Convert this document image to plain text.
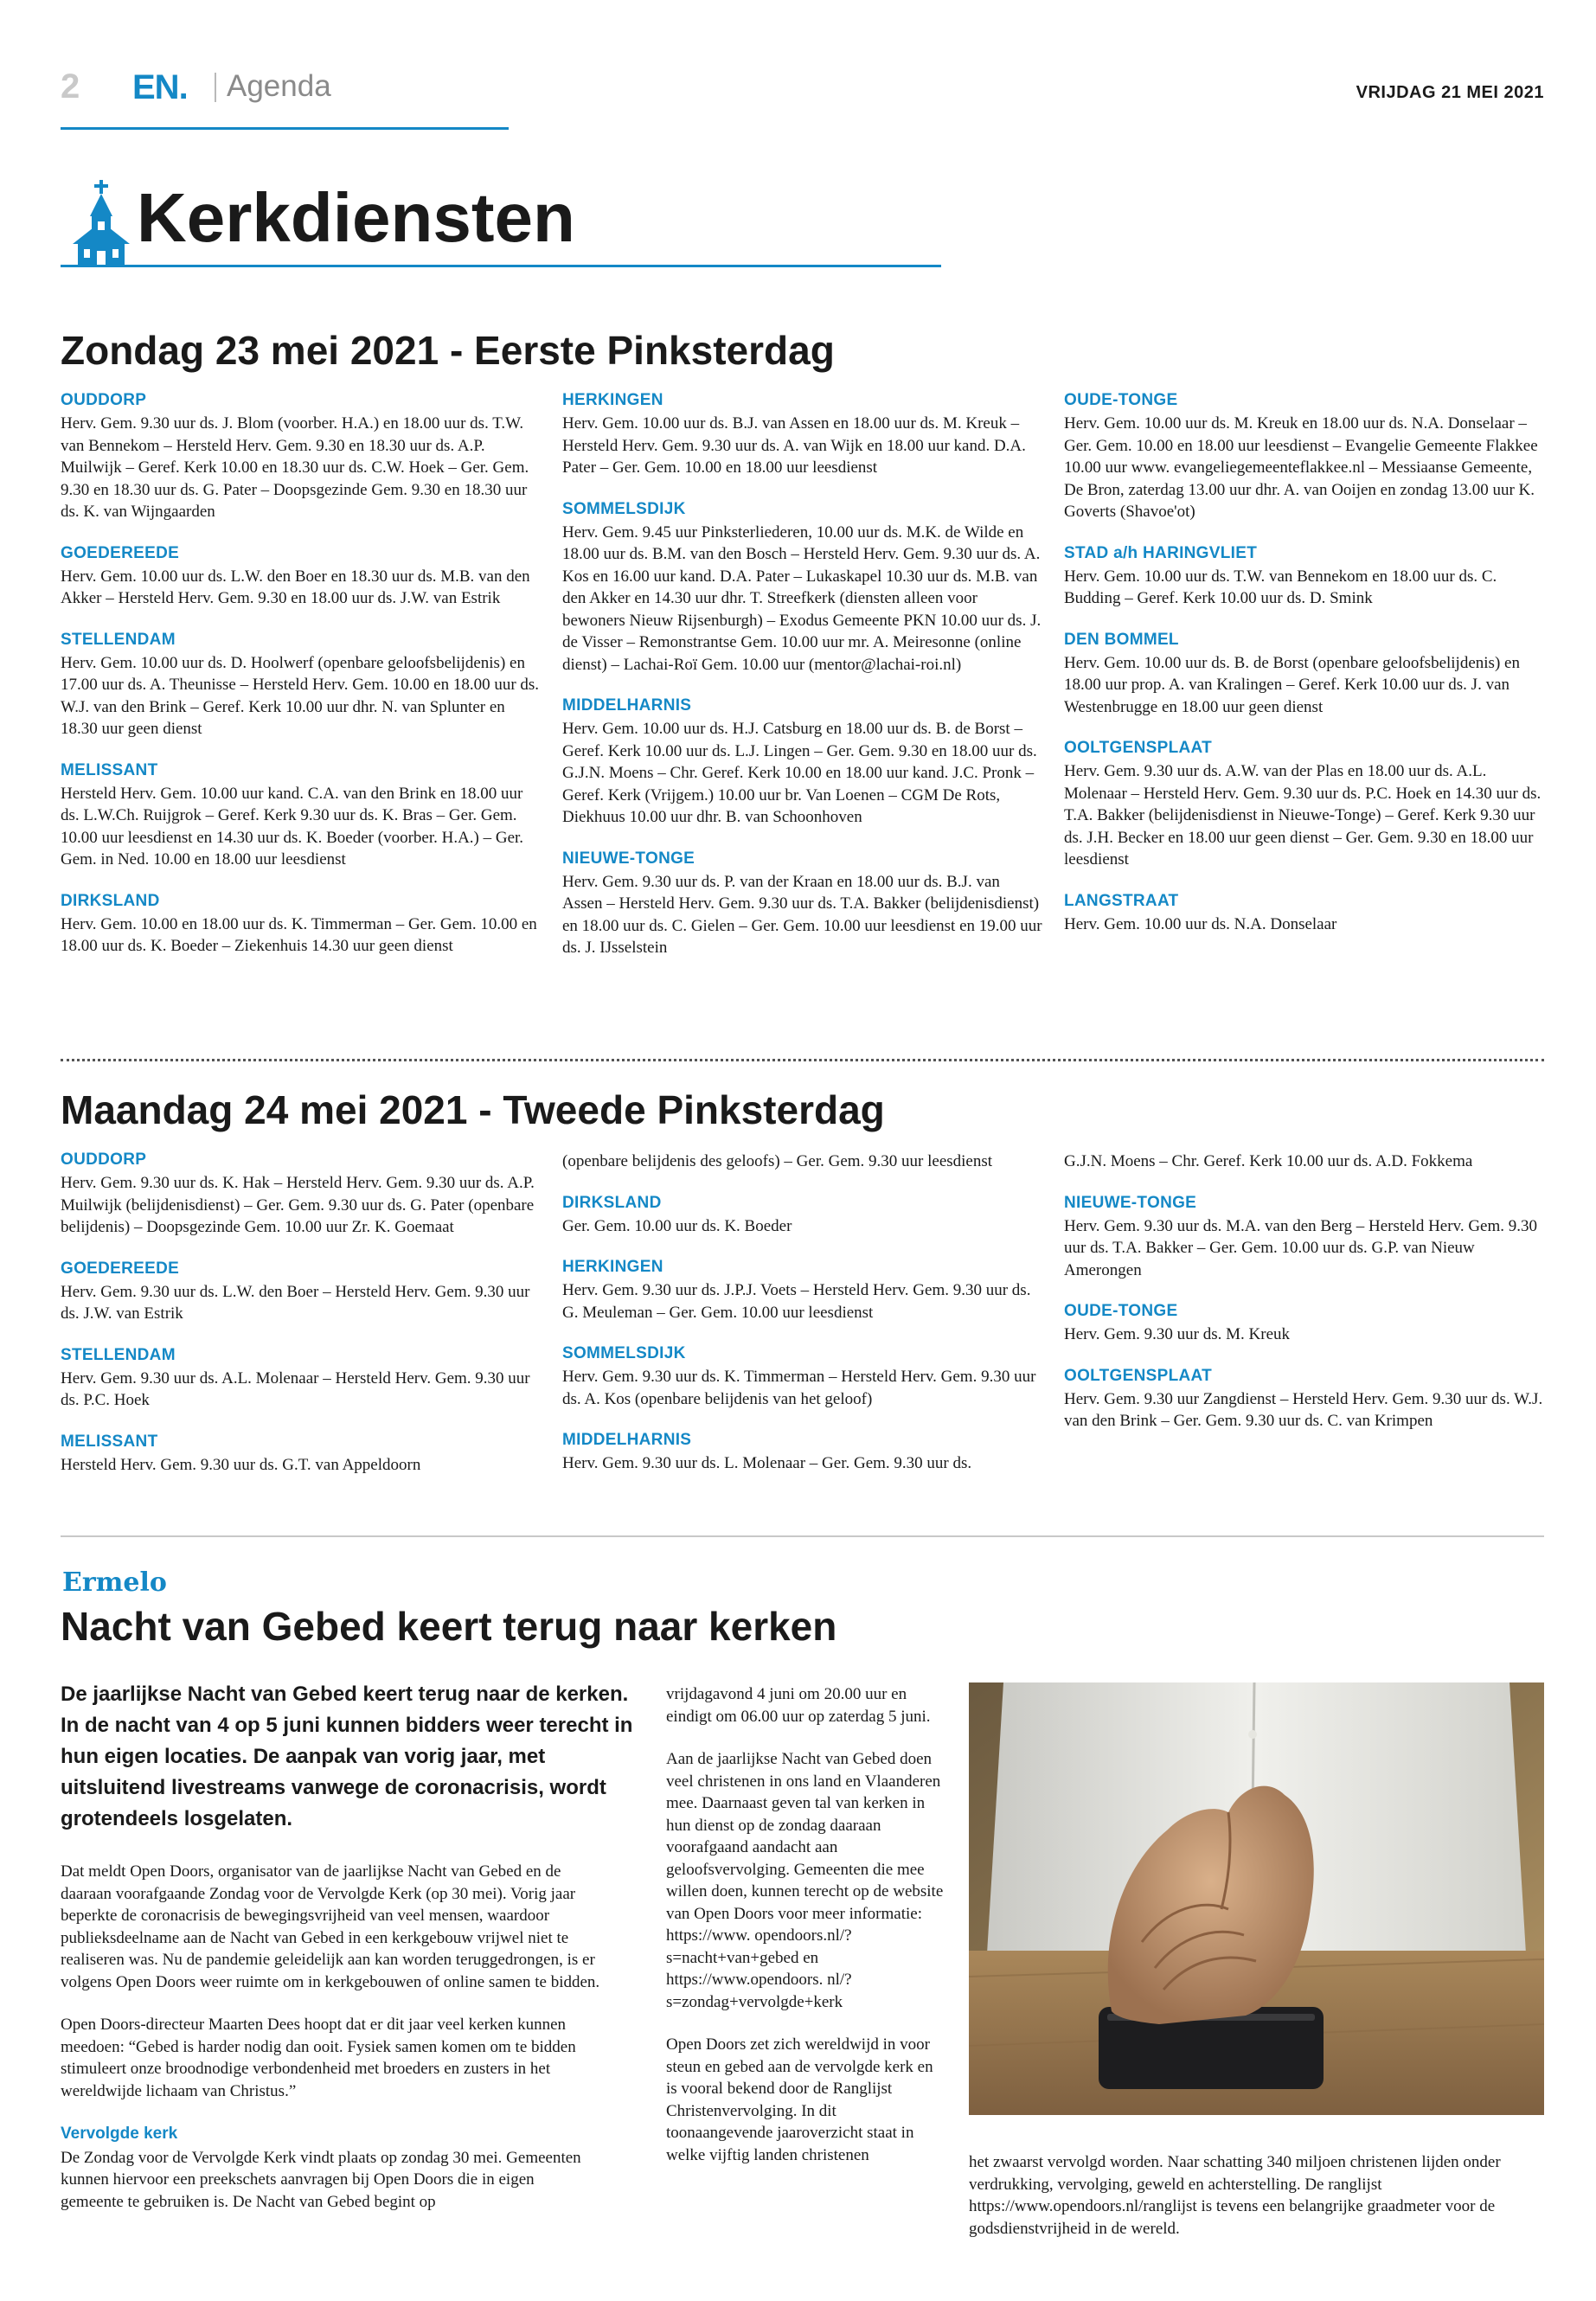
2 EN. Agenda	VRIJDAG 21 MEI 2021
Kerkdiensten
Zondag 23 mei 2021 - Eerste Pinksterdag
OUDDORP
Herv. Gem. 9.30 uur ds. J. Blom (voorber. H.A.) en 18.00 uur ds. T.W. van Bennekom – Hersteld Herv. Gem. 9.30 en 18.30 uur ds. A.P. Muilwijk – Geref. Kerk 10.00 en 18.30 uur ds. C.W. Hoek – Ger. Gem. 9.30 en 18.30 uur ds. G. Pater – Doopsgezinde Gem. 9.30 en 18.30 uur ds. K. van Wijngaarden
GOEDEREEDE
Herv. Gem. 10.00 uur ds. L.W. den Boer en 18.30 uur ds. M.B. van den Akker – Hersteld Herv. Gem. 9.30 en 18.00 uur ds. J.W. van Estrik
STELLENDAM
Herv. Gem. 10.00 uur ds. D. Hoolwerf (openbare geloofsbelijdenis) en 17.00 uur ds. A. Theunisse – Hersteld Herv. Gem. 10.00 en 18.00 uur ds. W.J. van den Brink – Geref. Kerk 10.00 uur dhr. N. van Splunter en 18.30 uur geen dienst
MELISSANT
Hersteld Herv. Gem. 10.00 uur kand. C.A. van den Brink en 18.00 uur ds. L.W.Ch. Ruijgrok – Geref. Kerk 9.30 uur ds. K. Bras – Ger. Gem. 10.00 uur leesdienst en 14.30 uur ds. K. Boeder (voorber. H.A.) – Ger. Gem. in Ned. 10.00 en 18.00 uur leesdienst
DIRKSLAND
Herv. Gem. 10.00 en 18.00 uur ds. K. Timmerman – Ger. Gem. 10.00 en 18.00 uur ds. K. Boeder – Ziekenhuis 14.30 uur geen dienst
HERKINGEN
Herv. Gem. 10.00 uur ds. B.J. van Assen en 18.00 uur ds. M. Kreuk – Hersteld Herv. Gem. 9.30 uur ds. A. van Wijk en 18.00 uur kand. D.A. Pater – Ger. Gem. 10.00 en 18.00 uur leesdienst
SOMMELSDIJK
Herv. Gem. 9.45 uur Pinksterliederen, 10.00 uur ds. M.K. de Wilde en 18.00 uur ds. B.M. van den Bosch – Hersteld Herv. Gem. 9.30 uur ds. A. Kos en 16.00 uur kand. D.A. Pater – Lukaskapel 10.30 uur ds. M.B. van den Akker en 14.30 uur dhr. T. Streefkerk (diensten alleen voor bewoners Nieuw Rijsenburgh) – Exodus Gemeente PKN 10.00 uur ds. J. de Visser – Remonstrantse Gem. 10.00 uur mr. A. Meiresonne (online dienst) – Lachai-Roï Gem. 10.00 uur (mentor@lachai-roi.nl)
MIDDELHARNIS
Herv. Gem. 10.00 uur ds. H.J. Catsburg en 18.00 uur ds. B. de Borst – Geref. Kerk 10.00 uur ds. L.J. Lingen – Ger. Gem. 9.30 en 18.00 uur ds. G.J.N. Moens – Chr. Geref. Kerk 10.00 en 18.00 uur kand. J.C. Pronk – Geref. Kerk (Vrijgem.) 10.00 uur br. Van Loenen – CGM De Rots, Diekhuus 10.00 uur dhr. B. van Schoonhoven
NIEUWE-TONGE
Herv. Gem. 9.30 uur ds. P. van der Kraan en 18.00 uur ds. B.J. van Assen – Hersteld Herv. Gem. 9.30 uur ds. T.A. Bakker (belijdenisdienst) en 18.00 uur ds. C. Gielen – Ger. Gem. 10.00 uur leesdienst en 19.00 uur ds. J. IJsselstein
OUDE-TONGE
Herv. Gem. 10.00 uur ds. M. Kreuk en 18.00 uur ds. N.A. Donselaar – Ger. Gem. 10.00 en 18.00 uur leesdienst – Evangelie Gemeente Flakkee 10.00 uur www. evangeliegemeenteflakkee.nl – Messiaanse Gemeente, De Bron, zaterdag 13.00 uur dhr. A. van Ooijen en zondag 13.00 uur K. Goverts (Shavoe'ot)
STAD a/h HARINGVLIET
Herv. Gem. 10.00 uur ds. T.W. van Bennekom en 18.00 uur ds. C. Budding – Geref. Kerk 10.00 uur ds. D. Smink
DEN BOMMEL
Herv. Gem. 10.00 uur ds. B. de Borst (openbare geloofsbelijdenis) en 18.00 uur prop. A. van Kralingen – Geref. Kerk 10.00 uur ds. J. van Westenbrugge en 18.00 uur geen dienst
OOLTGENSPLAAT
Herv. Gem. 9.30 uur ds. A.W. van der Plas en 18.00 uur ds. A.L. Molenaar – Hersteld Herv. Gem. 9.30 uur ds. P.C. Hoek en 14.30 uur ds. T.A. Bakker (belijdenisdienst in Nieuwe-Tonge) – Geref. Kerk 9.30 uur ds. J.H. Becker en 18.00 uur geen dienst – Ger. Gem. 9.30 en 18.00 uur leesdienst
LANGSTRAAT
Herv. Gem. 10.00 uur ds. N.A. Donselaar
Maandag 24 mei 2021 - Tweede Pinksterdag
OUDDORP
Herv. Gem. 9.30 uur ds. K. Hak – Hersteld Herv. Gem. 9.30 uur ds. A.P. Muilwijk (belijdenisdienst) – Ger. Gem. 9.30 uur ds. G. Pater (openbare belijdenis) – Doopsgezinde Gem. 10.00 uur Zr. K. Goemaat
GOEDEREEDE
Herv. Gem. 9.30 uur ds. L.W. den Boer – Hersteld Herv. Gem. 9.30 uur ds. J.W. van Estrik
STELLENDAM
Herv. Gem. 9.30 uur ds. A.L. Molenaar – Hersteld Herv. Gem. 9.30 uur ds. P.C. Hoek
MELISSANT
Hersteld Herv. Gem. 9.30 uur ds. G.T. van Appeldoorn
(openbare belijdenis des geloofs) – Ger. Gem. 9.30 uur leesdienst
DIRKSLAND
Ger. Gem. 10.00 uur ds. K. Boeder
HERKINGEN
Herv. Gem. 9.30 uur ds. J.P.J. Voets – Hersteld Herv. Gem. 9.30 uur ds. G. Meuleman – Ger. Gem. 10.00 uur leesdienst
SOMMELSDIJK
Herv. Gem. 9.30 uur ds. K. Timmerman – Hersteld Herv. Gem. 9.30 uur ds. A. Kos (openbare belijdenis van het geloof)
MIDDELHARNIS
Herv. Gem. 9.30 uur ds. L. Molenaar – Ger. Gem. 9.30 uur ds.
G.J.N. Moens – Chr. Geref. Kerk 10.00 uur ds. A.D. Fokkema
NIEUWE-TONGE
Herv. Gem. 9.30 uur ds. M.A. van den Berg – Hersteld Herv. Gem. 9.30 uur ds. T.A. Bakker – Ger. Gem. 10.00 uur ds. G.P. van Nieuw Amerongen
OUDE-TONGE
Herv. Gem. 9.30 uur ds. M. Kreuk
OOLTGENSPLAAT
Herv. Gem. 9.30 uur Zangdienst – Hersteld Herv. Gem. 9.30 uur ds. W.J. van den Brink – Ger. Gem. 9.30 uur ds. C. van Krimpen
Ermelo
Nacht van Gebed keert terug naar kerken
De jaarlijkse Nacht van Gebed keert terug naar de kerken. In de nacht van 4 op 5 juni kunnen bidders weer terecht in hun eigen locaties. De aanpak van vorig jaar, met uitsluitend livestreams vanwege de coronacrisis, wordt grotendeels losgelaten.

Dat meldt Open Doors, organisator van de jaarlijkse Nacht van Gebed en de daaraan voorafgaande Zondag voor de Vervolgde Kerk (op 30 mei). Vorig jaar beperkte de coronacrisis de bewegingsvrijheid van veel mensen, waardoor publieksdeelname aan de Nacht van Gebed in een kerkgebouw vrijwel niet te realiseren was. Nu de pandemie geleidelijk aan kan worden teruggedrongen, is er volgens Open Doors weer ruimte om in kerkgebouwen of online samen te bidden.

Open Doors-directeur Maarten Dees hoopt dat er dit jaar veel kerken kunnen meedoen: “Gebed is harder nodig dan ooit. Fysiek samen komen om te bidden stimuleert onze broodnodige verbondenheid met broeders en zusters in het wereldwijde lichaam van Christus.”

Vervolgde kerk

De Zondag voor de Vervolgde Kerk vindt plaats op zondag 30 mei. Gemeenten kunnen hiervoor een preekschets aanvragen bij Open Doors die in eigen gemeente te gebruiken is. De Nacht van Gebed begint op

vrijdagavond 4 juni om 20.00 uur en eindigt om 06.00 uur op zaterdag 5 juni.

Aan de jaarlijkse Nacht van Gebed doen veel christenen in ons land en Vlaanderen mee. Daarnaast geven tal van kerken in hun dienst op de zondag daaraan voorafgaand aandacht aan geloofsvervolging. Gemeenten die mee willen doen, kunnen terecht op de website van Open Doors voor meer informatie: https://www. opendoors.nl/?s=nacht+van+gebed en https://www.opendoors. nl/?s=zondag+vervolgde+kerk

Open Doors zet zich wereldwijd in voor steun en gebed aan de vervolgde kerk en is vooral bekend door de Ranglijst Christenvervolging. In dit toonaangevende jaaroverzicht staat in welke vijftig landen christenen	het zwaarst vervolgd worden. Naar schatting 340 miljoen christenen lijden onder verdrukking, vervolging, geweld en achterstelling. De ranglijst https://www.opendoors.nl/ranglijst is tevens een belangrijke graadmeter voor de godsdienstvrijheid in de wereld.
